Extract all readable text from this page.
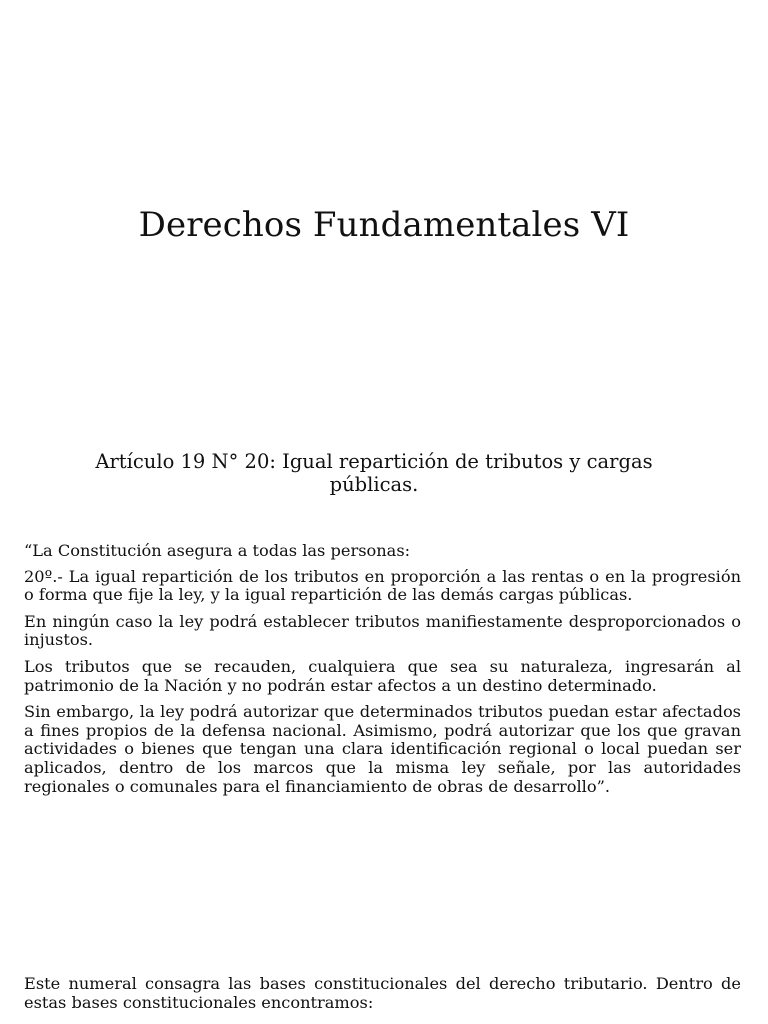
Derechos Fundamentales VI
Artículo 19 N° 20: Igual repartición de tributos y cargas públicas.

“La Constitución asegura a todas las personas:

20º.- La igual repartición de los tributos en proporción a las rentas o en la progresión o forma que fije la ley, y la igual repartición de las demás cargas públicas.

En ningún caso la ley podrá establecer tributos manifiestamente desproporcionados o injustos.

Los tributos que se recauden, cualquiera que sea su naturaleza, ingresarán al patrimonio de la Nación y no podrán estar afectos a un destino determinado.

Sin embargo, la ley podrá autorizar que determinados tributos puedan estar afectados a fines propios de la defensa nacional. Asimismo, podrá autorizar que los que gravan actividades o bienes que tengan una clara identificación regional o local puedan ser aplicados, dentro de los marcos que la misma ley señale, por las autoridades regionales o comunales para el financiamiento de obras de desarrollo”.

Este numeral consagra las bases constitucionales del derecho tributario. Dentro de estas bases constitucionales encontramos:
